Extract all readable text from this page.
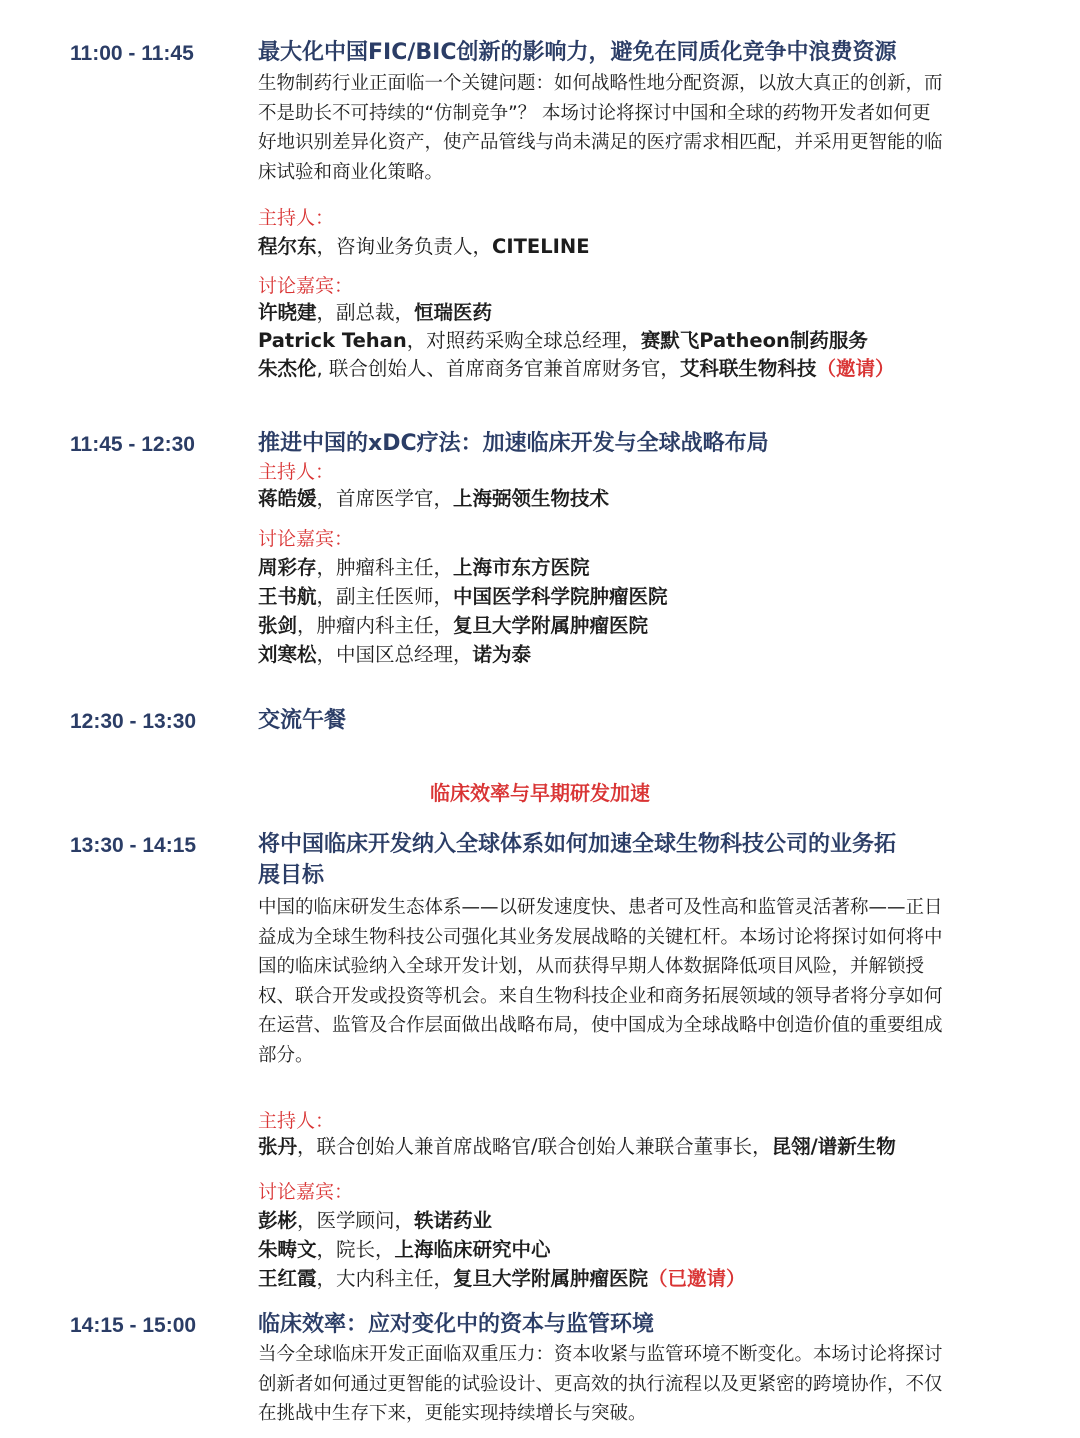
11:00 - 11:45	最大化中国FIC/BIC创新的影响力，避免在同质化竞争中浪费资源
生物制药行业正面临一个关键问题：如何战略性地分配资源，以放大真正的创新，而
不是助长不可持续的“仿制竞争”？ 本场讨论将探讨中国和全球的药物开发者如何更
好地识别差异化资产，使产品管线与尚未满足的医疗需求相匹配，并采用更智能的临
床试验和商业化策略。
主持人：
程尔东，咨询业务负责人，CITELINE
讨论嘉宾：
许晓建，副总裁，恒瑞医药
Patrick Tehan，对照药采购全球总经理，赛默飞Patheon制药服务
朱杰伦, 联合创始人、首席商务官兼首席财务官，艾科联生物科技（邀请）
11:45 - 12:30	推进中国的xDC疗法：加速临床开发与全球战略布局
主持人：
蒋皓媛，首席医学官，上海弼领生物技术
讨论嘉宾：
周彩存，肿瘤科主任，上海市东方医院
王书航，副主任医师，中国医学科学院肿瘤医院
张剑，肿瘤内科主任，复旦大学附属肿瘤医院
刘寒松，中国区总经理，诺为泰
12:30 - 13:30	交流午餐
临床效率与早期研发加速
13:30 - 14:15	将中国临床开发纳入全球体系如何加速全球生物科技公司的业务拓
展目标
中国的临床研发生态体系——以研发速度快、患者可及性高和监管灵活著称——正日
益成为全球生物科技公司强化其业务发展战略的关键杠杆。本场讨论将探讨如何将中
国的临床试验纳入全球开发计划，从而获得早期人体数据降低项目风险，并解锁授
权、联合开发或投资等机会。来自生物科技企业和商务拓展领域的领导者将分享如何
在运营、监管及合作层面做出战略布局，使中国成为全球战略中创造价值的重要组成
部分。
主持人：
张丹，联合创始人兼首席战略官/联合创始人兼联合董事长，昆翎/谱新生物
讨论嘉宾：
彭彬，医学顾问，轶诺药业
朱畴文，院长，上海临床研究中心
王红霞，大内科主任，复旦大学附属肿瘤医院（已邀请）
14:15 - 15:00	临床效率：应对变化中的资本与监管环境
当今全球临床开发正面临双重压力：资本收紧与监管环境不断变化。本场讨论将探讨
创新者如何通过更智能的试验设计、更高效的执行流程以及更紧密的跨境协作，不仅
在挑战中生存下来，更能实现持续增长与突破。
